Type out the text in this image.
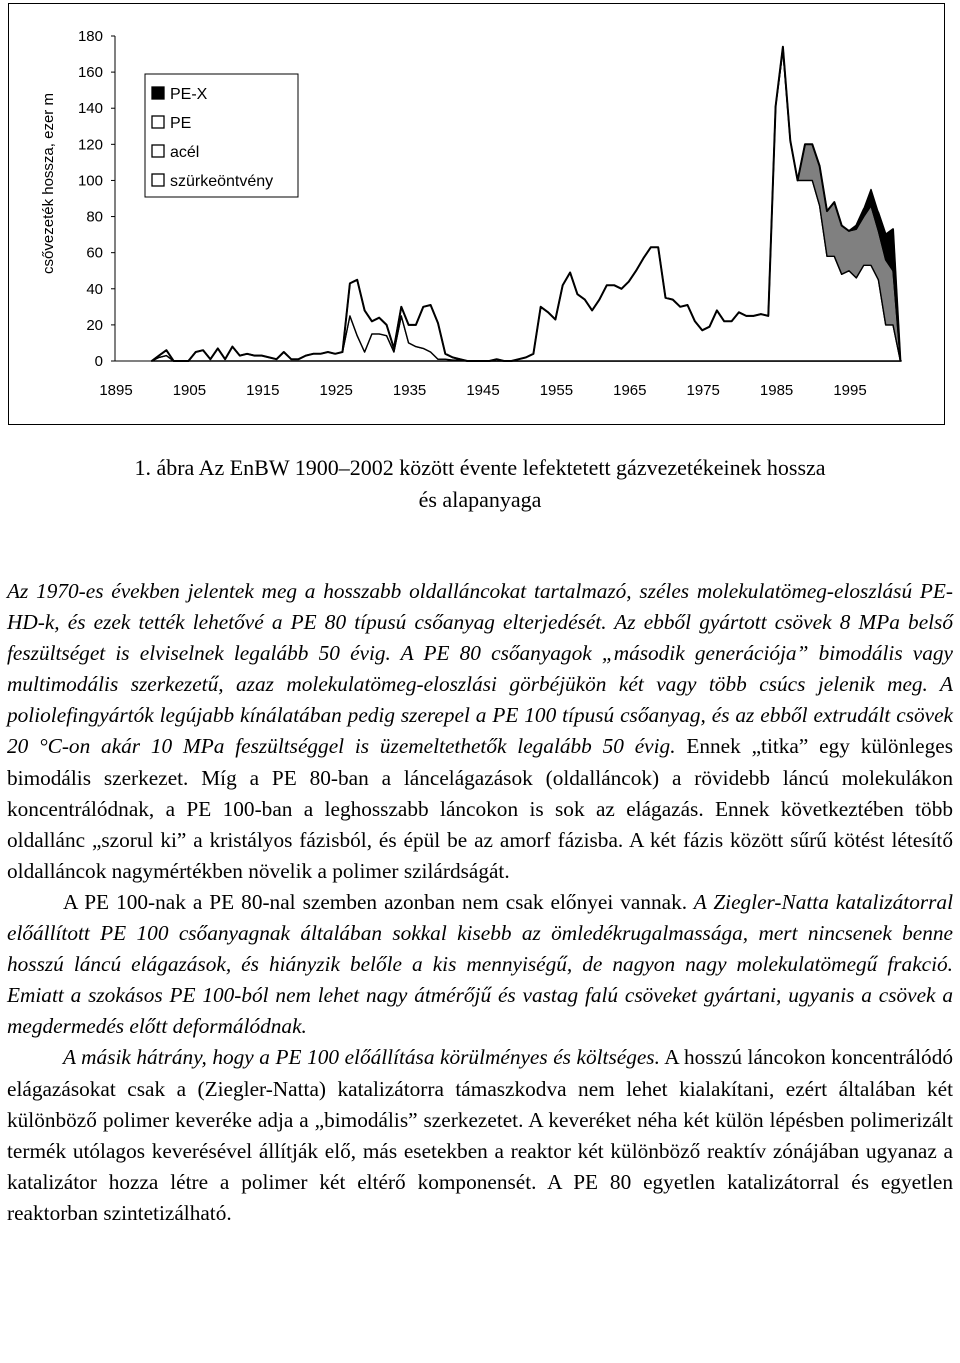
0
20
40
60
80
100
120
140
160
180
1895	1905	1915	1925	1935	1945	1955	1965	1975	1985	1995
csővezeték hossza, ezer m	PE-X
PE
acél
szürkeöntvény
1. ábra Az EnBW 1900–2002 között évente lefektetett gázvezetékeinek hossza
és alapanyaga

Az 1970-es években jelentek meg a hosszabb oldalláncokat tartalmazó, széles molekulatömeg-eloszlású PE-HD-k, és ezek tették lehetővé a PE 80 típusú csőanyag elterjedését. Az ebből gyártott csövek 8 MPa belső feszültséget is elviselnek legalább 50 évig. A PE 80 csőanyagok „második generációja” bimodális vagy multimodális szerkezetű, azaz molekulatömeg-eloszlási görbéjükön két vagy több csúcs jelenik meg. A poliolefingyártók legújabb kínálatában pedig szerepel a PE 100 típusú csőanyag, és az ebből extrudált csövek 20 °C-on akár 10 MPa feszültséggel is üzemeltethetők legalább 50 évig. Ennek „titka” egy különleges bimodális szerkezet. Míg a PE 80-ban a láncelágazások (oldalláncok) a rövidebb láncú molekulákon koncentrálódnak, a PE 100-ban a leghosszabb láncokon is sok az elágazás. Ennek következtében több oldallánc „szorul ki” a kristályos fázisból, és épül be az amorf fázisba. A két fázis között sűrű kötést létesítő oldalláncok nagymértékben növelik a polimer szilárdságát.

A PE 100-nak a PE 80-nal szemben azonban nem csak előnyei vannak. A Ziegler-Natta katalizátorral előállított PE 100 csőanyagnak általában sokkal kisebb az ömledékrugalmassága, mert nincsenek benne hosszú láncú elágazások, és hiányzik belőle a kis mennyiségű, de nagyon nagy molekulatömegű frakció. Emiatt a szokásos PE 100-ból nem lehet nagy átmérőjű és vastag falú csöveket gyártani, ugyanis a csövek a megdermedés előtt deformálódnak.

A másik hátrány, hogy a PE 100 előállítása körülményes és költséges. A hosszú láncokon koncentrálódó elágazásokat csak a (Ziegler-Natta) katalizátorra támaszkodva nem lehet kialakítani, ezért általában két különböző polimer keveréke adja a „bimodális” szerkezetet. A keveréket néha két külön lépésben polimerizált termék utólagos keverésével állítják elő, más esetekben a reaktor két különböző reaktív zónájában ugyanaz a katalizátor hozza létre a polimer két eltérő komponensét. A PE 80 egyetlen katalizátorral és egyetlen reaktorban szintetizálható.
